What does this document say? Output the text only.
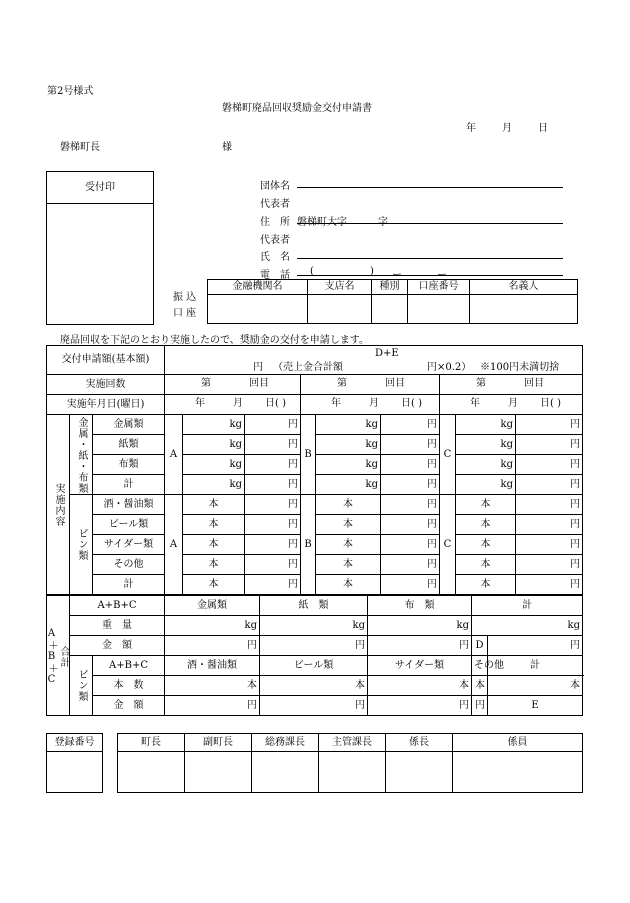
第2号様式
磐梯町廃品回収奨励金交付申請書
年	月	日
磐梯町長	様
受付印	団体名
代表者
住　所 磐梯町大字	字
代表者
氏　名
電　話 (	) ー	ー
振 込
口 座
金融機関名	支店名	種別	口座番号	名義人

廃品回収を下記のとおり実施したので、奨励金の交付を申請します。
交付申請額(基本額)			D+E
円 （売上金合計額 円×0.2） ※100円未満切捨								

実施回数			第 回目			第 回目			第 回目		

実施年月日(曜日)			年 月 日( )			年 月 日( )			年 月 日( )		

実施内容	金属・紙・布類	金属類	A	kg	円	B	kg	円	C	kg	円
		紙類		kg	円		kg	円		kg	円
		布類		kg	円		kg	円		kg	円
		計		kg	円		kg	円		kg	円
	ビン類	酒・醤油類	A	本	円	B	本	円	C	本	円
		ビール類		本	円		本	円		本	円
		サイダー類		本	円		本	円		本	円
		その他		本	円		本	円		本	円
		計		本	円		本	円		本	円
合計
A＋B＋C	A+B+C		金属類	紙　類	布　類	計		
	重　量		kg	kg	kg	kg		
	金　額		円	円	円	D	円	
	ビン類	A+B+C	酒・醤油類	ビール類	サイダー類	その他	計	
		本　数	本	本	本	本	本	
		金　額	円	円	円	円	E	
登録番号	町長	副町長	総務課長	主管課長	係長	係員
